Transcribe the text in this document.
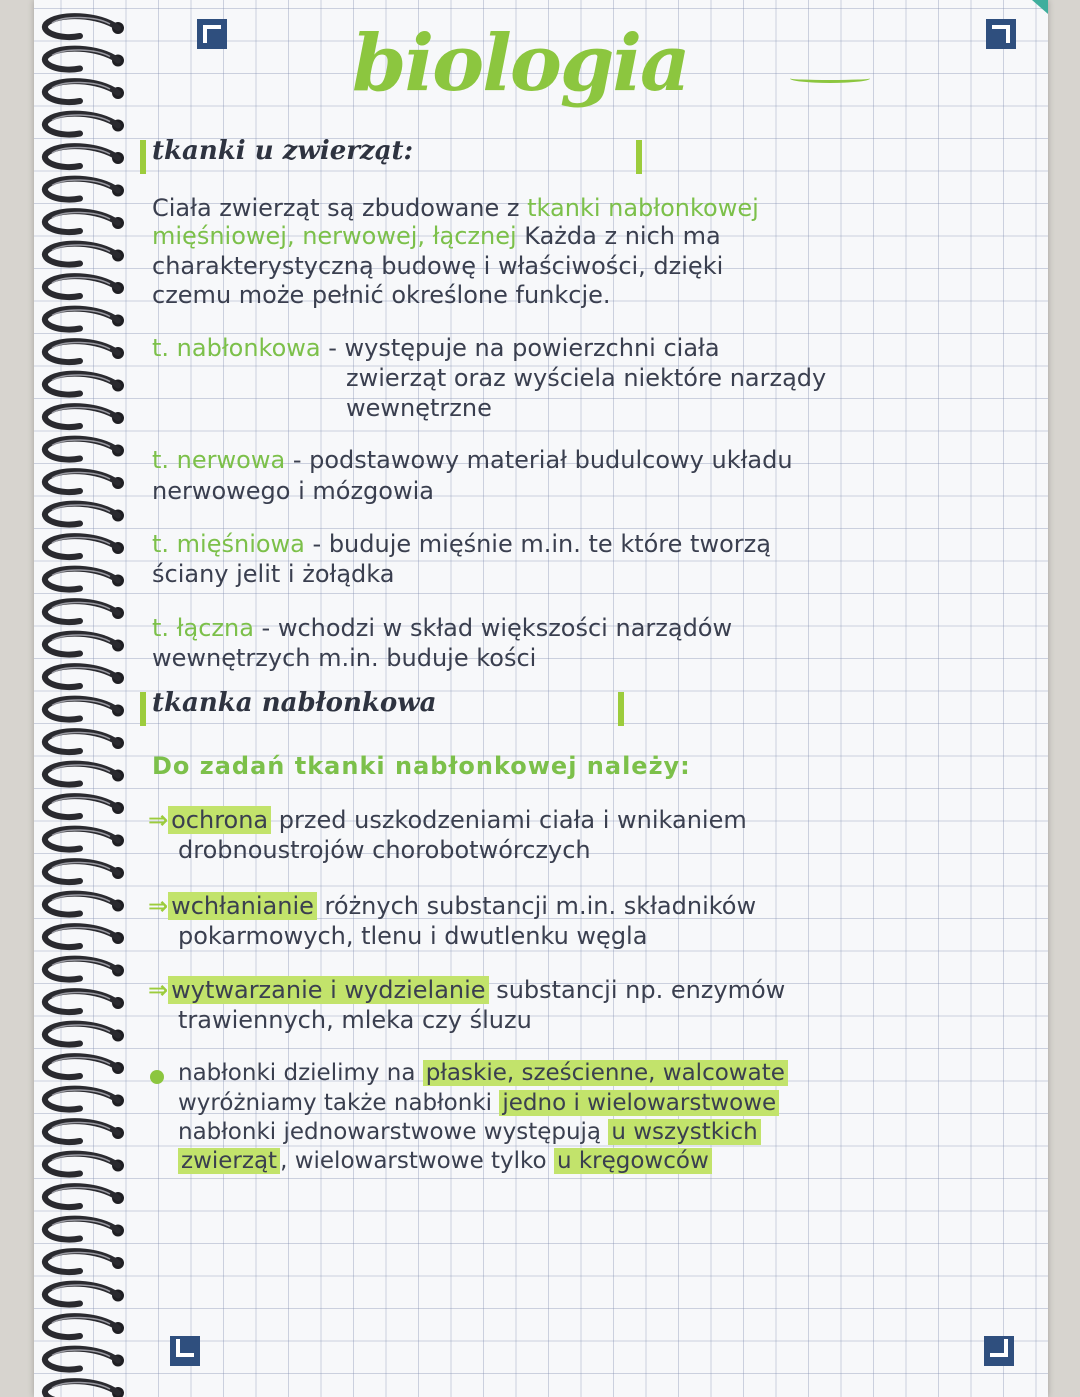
biologia
tkanki u zwierząt:
Ciała zwierząt są zbudowane z tkanki nabłonkowej
mięśniowej, nerwowej, łącznej Każda z nich ma
charakterystyczną budowę i właściwości, dzięki
czemu może pełnić określone funkcje.
t. nabłonkowa - występuje na powierzchni ciała
zwierząt oraz wyściela niektóre narządy
wewnętrzne
t. nerwowa - podstawowy materiał budulcowy układu
nerwowego i mózgowia
t. mięśniowa - buduje mięśnie m.in. te które tworzą
ściany jelit i żołądka
t. łączna - wchodzi w skład większości narządów
wewnętrzych m.in. buduje kości
tkanka nabłonkowa
Do zadań tkanki nabłonkowej należy:
⇒ ochrona przed uszkodzeniami ciała i wnikaniem
drobnoustrojów chorobotwórczych
⇒ wchłanianie różnych substancji m.in. składników
pokarmowych, tlenu i dwutlenku węgla
⇒ wytwarzanie i wydzielanie substancji np. enzymów
trawiennych, mleka czy śluzu
nabłonki dzielimy na płaskie, sześcienne, walcowate
wyróżniamy także nabłonki jedno i wielowarstwowe
nabłonki jednowarstwowe występują u wszystkich
zwierząt , wielowarstwowe tylko u kręgowców
